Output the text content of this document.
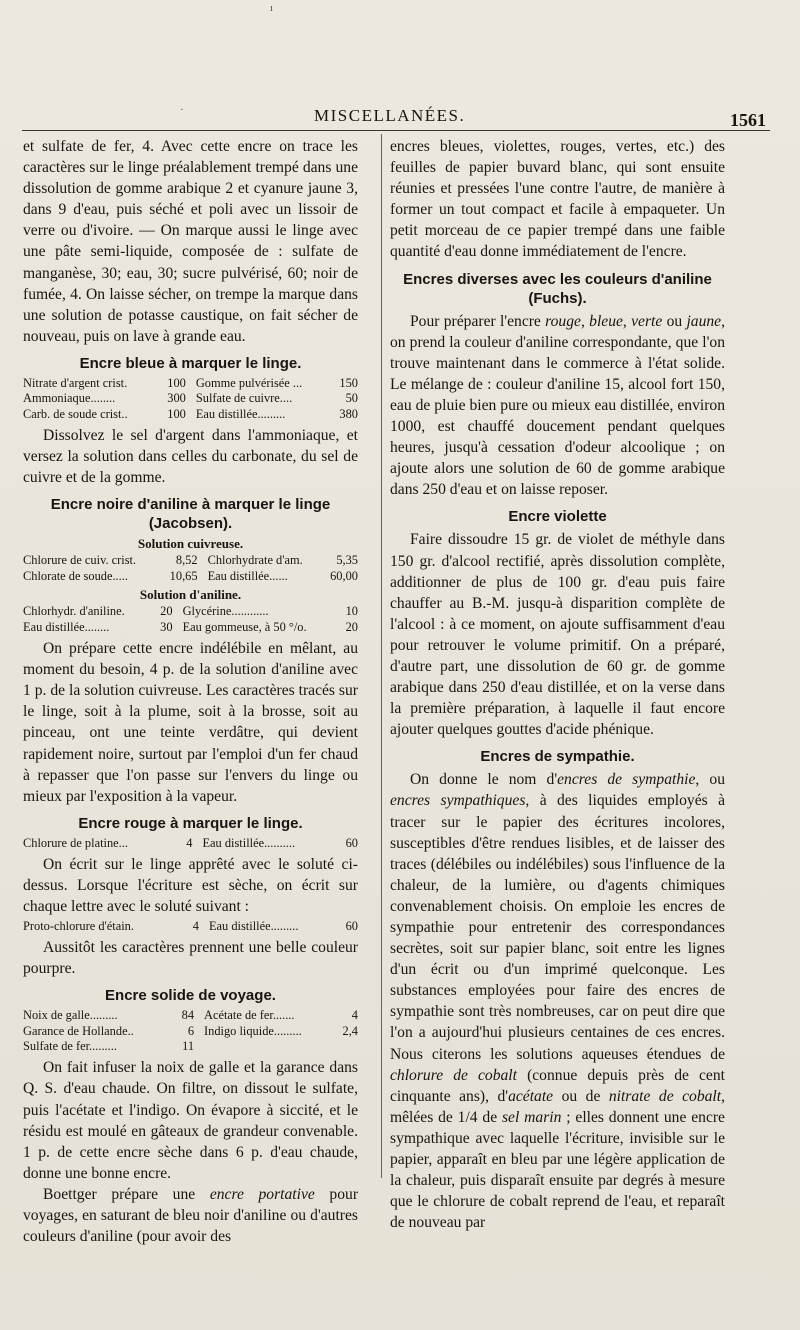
ı
·	MISCELLANÉES.	1561

et sulfate de fer, 4. Avec cette encre on trace les caractères sur le linge préalablement trempé dans une dissolution de gomme arabique 2 et cyanure jaune 3, dans 9 d'eau, puis séché et poli avec un lissoir de verre ou d'ivoire. — On marque aussi le linge avec une pâte semi-liquide, composée de : sulfate de manganèse, 30; eau, 30; sucre pulvérisé, 60; noir de fumée, 4. On laisse sécher, on trempe la marque dans une solution de potasse caustique, on fait sécher de nouveau, puis on lave à grande eau.

Encre bleue à marquer le linge.
Nitrate d'argent crist.	100	Gomme pulvérisée ...	150
Ammoniaque........	300	Sulfate de cuivre....	50
Carb. de soude crist..	100	Eau distillée.........	380

Dissolvez le sel d'argent dans l'ammoniaque, et versez la solution dans celles du carbonate, du sel de cuivre et de la gomme.

Encre noire d'aniline à marquer le linge (Jacobsen).
Solution cuivreuse.
Chlorure de cuiv. crist.	8,52	Chlorhydrate d'am.	5,35
Chlorate de soude.....	10,65	Eau distillée......	60,00
Solution d'aniline.
Chlorhydr. d'aniline.	20	Glycérine............	10
Eau distillée........	30	Eau gommeuse, à 50 °/o.	20

On prépare cette encre indélébile en mêlant, au moment du besoin, 4 p. de la solution d'aniline avec 1 p. de la solution cuivreuse. Les caractères tracés sur le linge, soit à la plume, soit à la brosse, soit au pinceau, ont une teinte verdâtre, qui devient rapidement noire, surtout par l'emploi d'un fer chaud à repasser que l'on passe sur l'envers du linge ou mieux par l'exposition à la vapeur.

Encre rouge à marquer le linge.
Chlorure de platine...	4	Eau distillée..........	60

On écrit sur le linge apprêté avec le soluté ci-dessus. Lorsque l'écriture est sèche, on écrit sur chaque lettre avec le soluté suivant :

Proto-chlorure d'étain.	4	Eau distillée.........	60

Aussitôt les caractères prennent une belle couleur pourpre.

Encre solide de voyage.
Noix de galle.........	84	Acétate de fer.......	4
Garance de Hollande..	6	Indigo liquide.........	2,4
Sulfate de fer.........	11		

On fait infuser la noix de galle et la garance dans Q. S. d'eau chaude. On filtre, on dissout le sulfate, puis l'acétate et l'indigo. On évapore à siccité, et le résidu est moulé en gâteaux de grandeur convenable. 1 p. de cette encre sèche dans 6 p. d'eau chaude, donne une bonne encre.

Boettger prépare une encre portative pour voyages, en saturant de bleu noir d'aniline ou d'autres couleurs d'aniline (pour avoir des

encres bleues, violettes, rouges, vertes, etc.) des feuilles de papier buvard blanc, qui sont ensuite réunies et pressées l'une contre l'autre, de manière à former un tout compact et facile à empaqueter. Un petit morceau de ce papier trempé dans une faible quantité d'eau donne immédiatement de l'encre.

Encres diverses avec les couleurs d'aniline (Fuchs).

Pour préparer l'encre rouge, bleue, verte ou jaune, on prend la couleur d'aniline correspondante, que l'on trouve maintenant dans le commerce à l'état solide. Le mélange de : couleur d'aniline 15, alcool fort 150, eau de pluie bien pure ou mieux eau distillée, environ 1000, est chauffé doucement pendant quelques heures, jusqu'à cessation d'odeur alcoolique ; on ajoute alors une solution de 60 de gomme arabique dans 250 d'eau et on laisse reposer.

Encre violette

Faire dissoudre 15 gr. de violet de méthyle dans 150 gr. d'alcool rectifié, après dissolution complète, additionner de plus de 100 gr. d'eau puis faire chauffer au B.-M. jusqu-à disparition complète de l'alcool : à ce moment, on ajoute suffisamment d'eau pour retrouver le volume primitif. On a préparé, d'autre part, une dissolution de 60 gr. de gomme arabique dans 250 d'eau distillée, et on la verse dans la première préparation, à laquelle il faut encore ajouter quelques gouttes d'acide phénique.

Encres de sympathie.

On donne le nom d'encres de sympathie, ou encres sympathiques, à des liquides employés à tracer sur le papier des écritures incolores, susceptibles d'être rendues lisibles, et de laisser des traces (délébiles ou indélébiles) sous l'influence de la chaleur, de la lumière, ou d'agents chimiques convenablement choisis. On emploie les encres de sympathie pour entretenir des correspondances secrètes, soit sur papier blanc, soit entre les lignes d'un écrit ou d'un imprimé quelconque. Les substances employées pour faire des encres de sympathie sont très nombreuses, car on peut dire que l'on a aujourd'hui plusieurs centaines de ces encres. Nous citerons les solutions aqueuses étendues de chlorure de cobalt (connue depuis près de cent cinquante ans), d'acétate ou de nitrate de cobalt, mêlées de 1/4 de sel marin ; elles donnent une encre sympathique avec laquelle l'écriture, invisible sur le papier, apparaît en bleu par une légère application de la chaleur, puis disparaît ensuite par degrés à mesure que le chlorure de cobalt reprend de l'eau, et reparaît de nouveau par
